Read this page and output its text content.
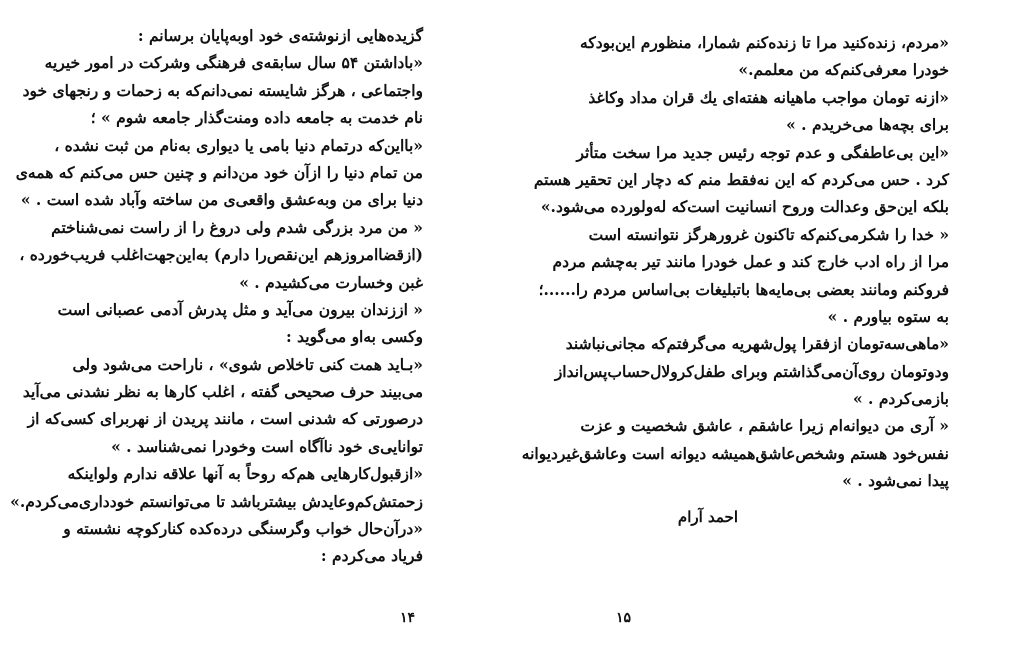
گزیده‌هایی ازنوشته‌ی خود اوبه‌پایان برسانم :
«باداشتن ۵۴ سال سابقه‌ی فرهنگی وشرکت در امور خیریه
واجتماعی ، هرگز شایسته نمی‌دانم‌که به زحمات و رنجهای خود
نام خدمت به جامعه داده ومنت‌گذار جامعه شوم » ؛
«بااین‌که درتمام دنیا بامی یا دیواری به‌نام من ثبت نشده ،
من تمام دنیا را ازآن خود من‌دانم و چنین حس می‌کنم که همه‌ی
دنیا برای من وبه‌عشق واقعی‌ی من ساخته وآباد شده است . »
« من مرد بزرگی شدم ولی دروغ را از راست نمی‌شناختم
(ازقضاامروزهم این‌نقص‌را دارم) به‌این‌جهت‌اغلب فریب‌خورده ،
غبن وخسارت می‌کشیدم . »
« اززندان بیرون می‌آید و مثل پدرش آدمی عصبانی است
وکسی به‌او می‌گوید :
«بـاید همت کنی تاخلاص شوی» ، ناراحت می‌شود ولی
می‌بیند حرف صحیحی گفته ، اغلب کارها به نظر نشدنی می‌آید
درصورتی که شدنی است ، مانند پریدن از نهربرای کسی‌که از
توانایی‌ی خود ناآگاه است وخودرا نمی‌شناسد . »
«ازقبول‌کارهایی هم‌که روحاً به آنها علاقه ندارم ولواینکه
زحمتش‌کم‌وعایدش بیشترباشد تا می‌توانستم خودداری‌می‌کردم.»
«درآن‌حال خواب وگرسنگی درده‌کده کنارکوچه نشسته و
فریاد می‌کردم :
۱۴
«مردم، زنده‌کنید مرا تا زنده‌کنم شمارا، منظورم این‌بودکه
خودرا معرفی‌کنم‌که من معلمم.»
«ازنه تومان مواجب ماهیانه هفته‌ای یك قران مداد وکاغذ
برای بچه‌ها می‌خریدم . »
«این بی‌عاطفگی و عدم توجه رئیس جدید مرا سخت متأثر
کرد . حس می‌کردم که این نه‌فقط منم که دچار این تحقیر هستم
بلکه این‌حق وعدالت وروح انسانیت است‌که له‌ولورده می‌شود.»
« خدا را شکرمی‌کنم‌که تاکنون غرورهرگز نتوانسته است
مرا از راه ادب خارج کند و عمل خودرا مانند تیر به‌چشم مردم
فروکنم ومانند بعضی بی‌مایه‌ها باتبلیغات بی‌اساس مردم را......؛
به ستوه بیاورم . »
«ماهی‌سه‌تومان ازفقرا پول‌شهریه می‌گرفتم‌که مجانی‌نباشند
ودوتومان روی‌آن‌می‌گذاشتم وبرای طفل‌کرولال‌حساب‌پس‌انداز
بازمی‌کردم . »
« آری من دیوانه‌ام زیرا عاشقم ، عاشق شخصیت و عزت
نفس‌خود هستم وشخص‌عاشق‌همیشه دیوانه است وعاشق‌غیردیوانه
پیدا نمی‌شود . »
احمد آرام
۱۵
